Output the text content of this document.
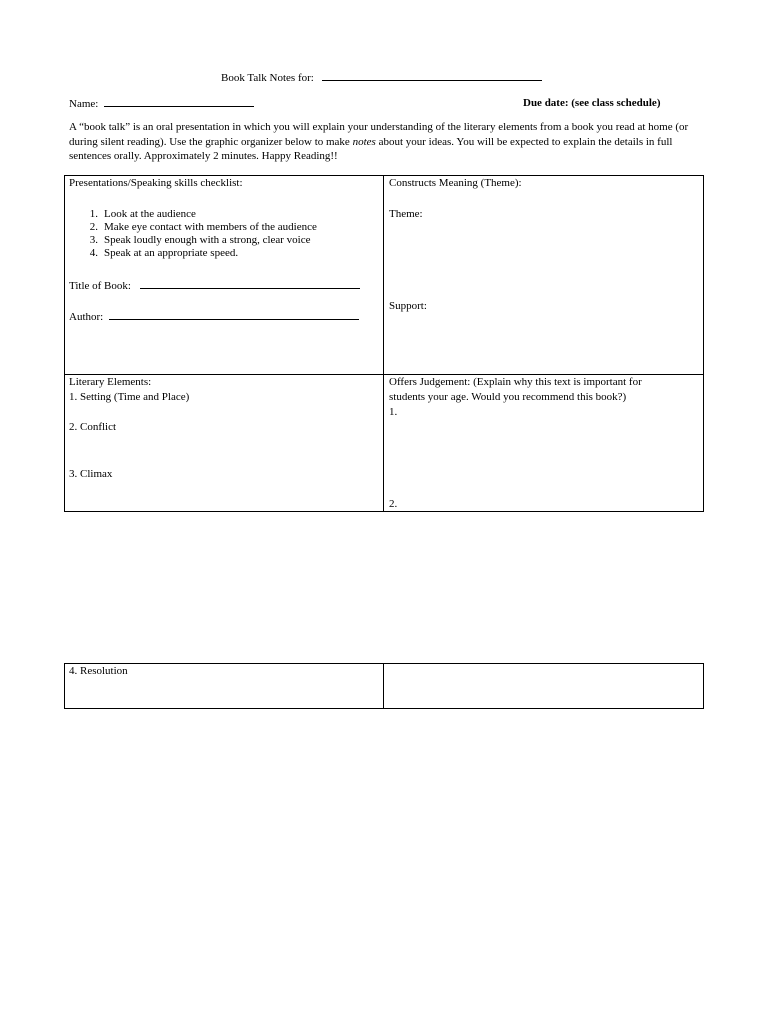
Book Talk Notes for:
Name:	Due date: (see class schedule)
A “book talk” is an oral presentation in which you will explain your understanding of the literary elements from a book you read at home (or during silent reading). Use the graphic organizer below to make notes about your ideas. You will be expected to explain the details in full sentences orally. Approximately 2 minutes. Happy Reading!!
Presentations/Speaking skills checklist:
1. Look at the audience
2. Make eye contact with members of the audience
3. Speak loudly enough with a strong, clear voice
4. Speak at an appropriate speed.
Title of Book:
Author:
Constructs Meaning (Theme):
Theme:
Support:
Literary Elements:
1. Setting (Time and Place)
2. Conflict
3. Climax
Offers Judgement: (Explain why this text is important for
students your age. Would you recommend this book?)
1.
2.
4. Resolution
